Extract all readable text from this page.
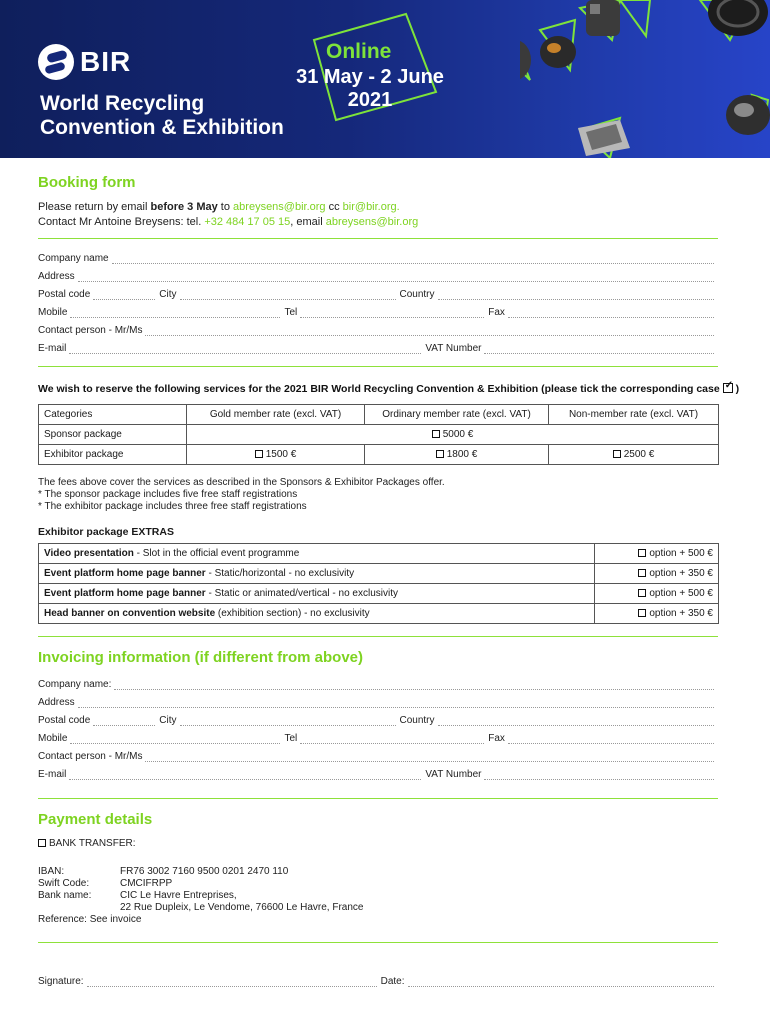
BIR
World Recycling
Convention & Exhibition
Online
31 May - 2 June
2021
Booking form
Please return by email before 3 May to abreysens@bir.org cc bir@bir.org.
Contact Mr Antoine Breysens: tel. +32 484 17 05 15, email abreysens@bir.org
Company name
Address
Postal code	City	Country
Mobile	Tel	Fax
Contact person - Mr/Ms
E-mail	VAT Number
We wish to reserve the following services for the 2021 BIR World Recycling Convention & Exhibition (please tick the corresponding case ✓ )
Categories	Gold member rate (excl. VAT)	Ordinary member rate (excl. VAT)	Non-member rate (excl. VAT)
Sponsor package	5000 €		
Exhibitor package	1500 €	1800 €	2500 €
The fees above cover the services as described in the Sponsors & Exhibitor Packages offer.
* The sponsor package includes five free staff registrations
* The exhibitor package includes three free staff registrations
Exhibitor package EXTRAS
Video presentation - Slot in the official event programme	option + 500 €
Event platform home page banner - Static/horizontal - no exclusivity	option + 350 €
Event platform home page banner - Static or animated/vertical - no exclusivity	option + 500 €
Head banner on convention website (exhibition section) - no exclusivity	option + 350 €
Invoicing information (if different from above)
Company name:
Address
Postal code	City	Country
Mobile	Tel	Fax
Contact person - Mr/Ms
E-mail	VAT Number
Payment details
BANK TRANSFER:
IBAN:	FR76 3002 7160 9500 0201 2470 110
Swift Code:	CMCIFRPP
Bank name:	CIC Le Havre Entreprises,
22 Rue Dupleix, Le Vendome, 76600 Le Havre, France
Reference: See invoice
Signature:	Date:
